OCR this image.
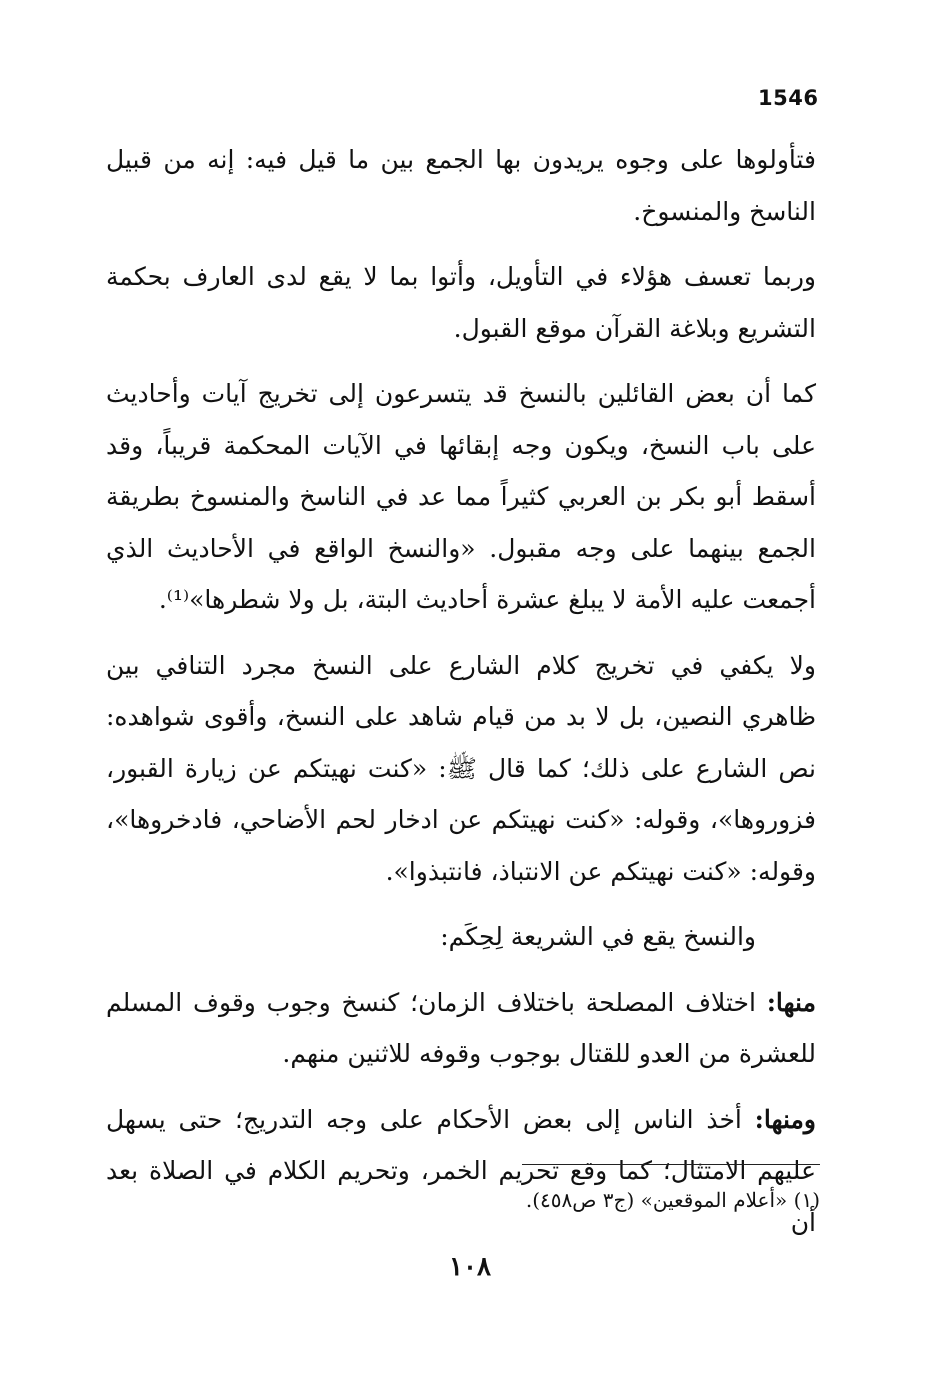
1546

فتأولوها على وجوه يريدون بها الجمع بين ما قيل فيه: إنه من قبيل الناسخ والمنسوخ.

وربما تعسف هؤلاء في التأويل، وأتوا بما لا يقع لدى العارف بحكمة التشريع وبلاغة القرآن موقع القبول.

كما أن بعض القائلين بالنسخ قد يتسرعون إلى تخريج آيات وأحاديث على باب النسخ، ويكون وجه إبقائها في الآيات المحكمة قريباً، وقد أسقط أبو بكر بن العربي كثيراً مما عد في الناسخ والمنسوخ بطريقة الجمع بينهما على وجه مقبول. «والنسخ الواقع في الأحاديث الذي أجمعت عليه الأمة لا يبلغ عشرة أحاديث البتة، بل ولا شطرها»⁽¹⁾.

ولا يكفي في تخريج كلام الشارع على النسخ مجرد التنافي بين ظاهري النصين، بل لا بد من قيام شاهد على النسخ، وأقوى شواهده: نص الشارع على ذلك؛ كما قال ﷺ: «كنت نهيتكم عن زيارة القبور، فزوروها»، وقوله: «كنت نهيتكم عن ادخار لحم الأضاحي، فادخروها»، وقوله: «كنت نهيتكم عن الانتباذ، فانتبذوا».

والنسخ يقع في الشريعة لِحِكَم:

منها: اختلاف المصلحة باختلاف الزمان؛ كنسخ وجوب وقوف المسلم للعشرة من العدو للقتال بوجوب وقوفه للاثنين منهم.

ومنها: أخذ الناس إلى بعض الأحكام على وجه التدريج؛ حتى يسهل عليهم الامتثال؛ كما وقع تحريم الخمر، وتحريم الكلام في الصلاة بعد أن

(١) «أعلام الموقعين» (ج٣ ص٤٥٨).
١٠٨
